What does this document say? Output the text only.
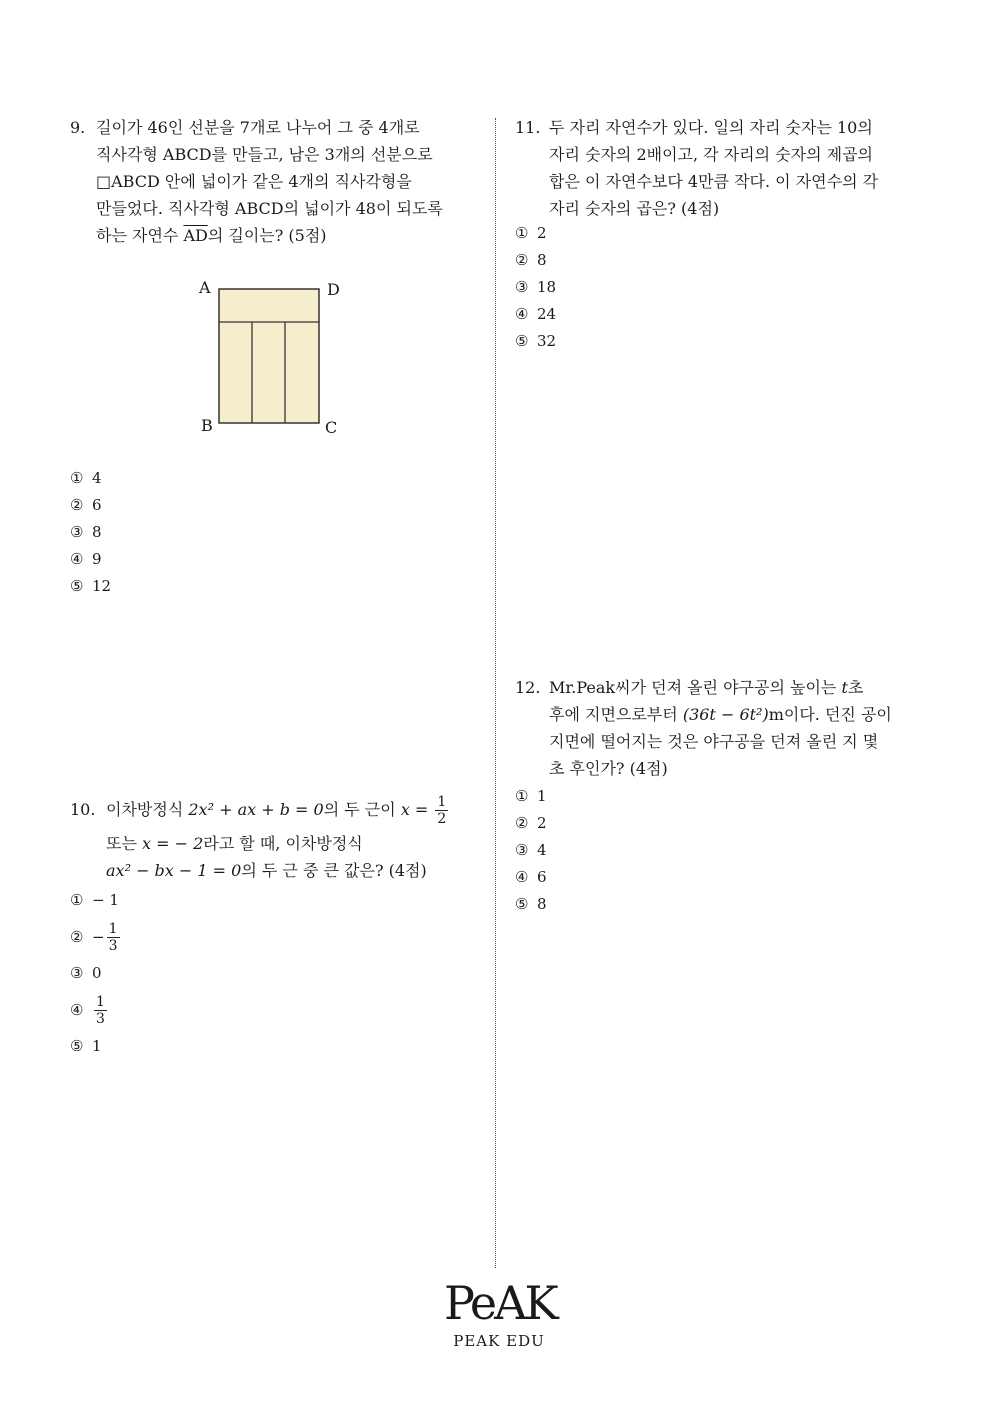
9. 길이가 46인 선분을 7개로 나누어 그 중 4개로
직사각형 ABCD를 만들고, 남은 3개의 선분으로
□ABCD 안에 넓이가 같은 4개의 직사각형을
만들었다. 직사각형 ABCD의 넓이가 48이 되도록
하는 자연수 $\overline{AD}$의 길이는? (5점)
A	D
B	C
① 4
② 6
③ 8
④ 9
⑤ 12
10. 이차방정식 2x² + ax + b = 0의 두 근이 $x = \frac{1}{2}$
또는 x = − 2라고 할 때, 이차방정식
ax² − bx − 1 = 0의 두 근 중 큰 값은? (4점)
① − 1
② − $\frac{1}{3}$
③ 0
④ $\frac{1}{3}$
⑤ 1
11. 두 자리 자연수가 있다. 일의 자리 숫자는 10의
자리 숫자의 2배이고, 각 자리의 숫자의 제곱의
합은 이 자연수보다 4만큼 작다. 이 자연수의 각
자리 숫자의 곱은? (4점)
① 2
② 8
③ 18
④ 24
⑤ 32
12. Mr.Peak씨가 던져 올린 야구공의 높이는 t초
후에 지면으로부터 (36t − 6t²)m이다. 던진 공이
지면에 떨어지는 것은 야구공을 던져 올린 지 몇
초 후인가? (4점)
① 1
② 2
③ 4
④ 6
⑤ 8
PeAK
PEAK EDU
